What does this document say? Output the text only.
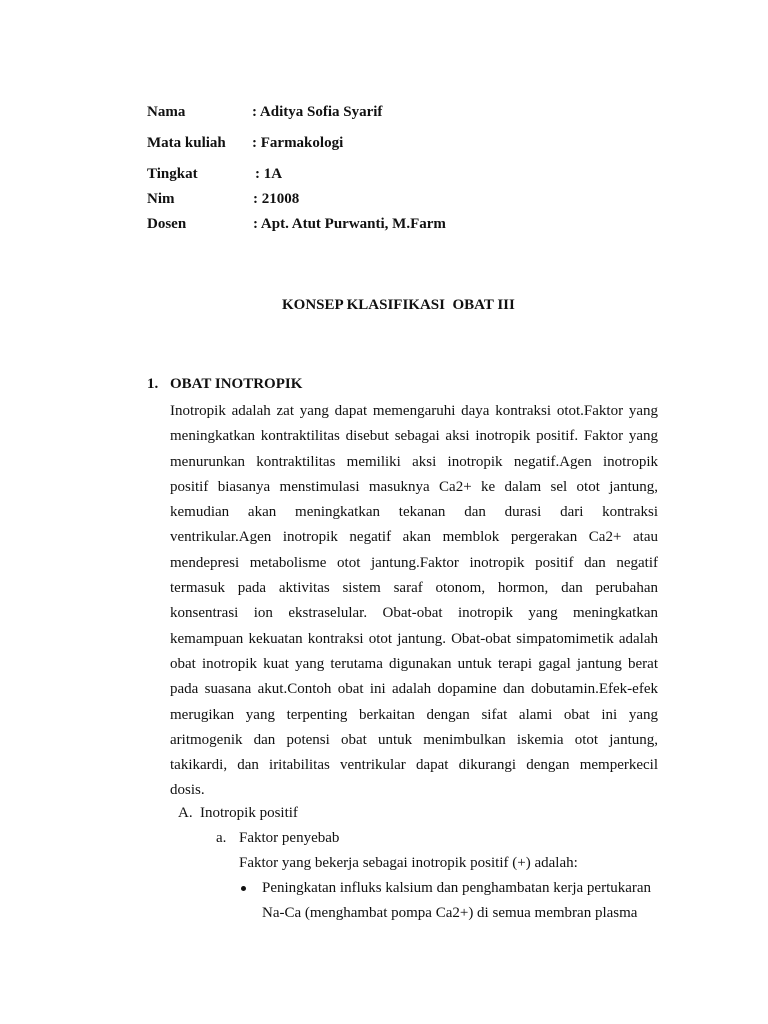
Nama	: Aditya Sofia Syarif
Mata kuliah : Farmakologi
Tingkat	: 1A
Nim	: 21008
Dosen	: Apt. Atut Purwanti, M.Farm
KONSEP KLASIFIKASI  OBAT III
1. OBAT INOTROPIK
Inotropik adalah zat yang dapat memengaruhi daya kontraksi otot.Faktor yang
meningkatkan kontraktilitas disebut sebagai aksi inotropik positif. Faktor yang
menurunkan kontraktilitas memiliki aksi inotropik negatif.Agen inotropik
positif biasanya menstimulasi masuknya Ca2+ ke dalam sel otot jantung,
kemudian akan meningkatkan tekanan dan durasi dari kontraksi
ventrikular.Agen inotropik negatif akan memblok pergerakan Ca2+ atau
mendepresi metabolisme otot jantung.Faktor inotropik positif dan negatif
termasuk pada aktivitas sistem saraf otonom, hormon, dan perubahan
konsentrasi ion ekstraselular. Obat-obat inotropik yang meningkatkan
kemampuan kekuatan kontraksi otot jantung. Obat-obat simpatomimetik adalah
obat inotropik kuat yang terutama digunakan untuk terapi gagal jantung berat
pada suasana akut.Contoh obat ini adalah dopamine dan dobutamin.Efek-efek
merugikan yang terpenting berkaitan dengan sifat alami obat ini yang
aritmogenik dan potensi obat untuk menimbulkan iskemia otot jantung,
takikardi, dan iritabilitas ventrikular dapat dikurangi dengan memperkecil
dosis.
A. Inotropik positif
a. Faktor penyebab
Faktor yang bekerja sebagai inotropik positif (+) adalah:
Peningkatan influks kalsium dan penghambatan kerja pertukaran
Na-Ca (menghambat pompa Ca2+) di semua membran plasma
